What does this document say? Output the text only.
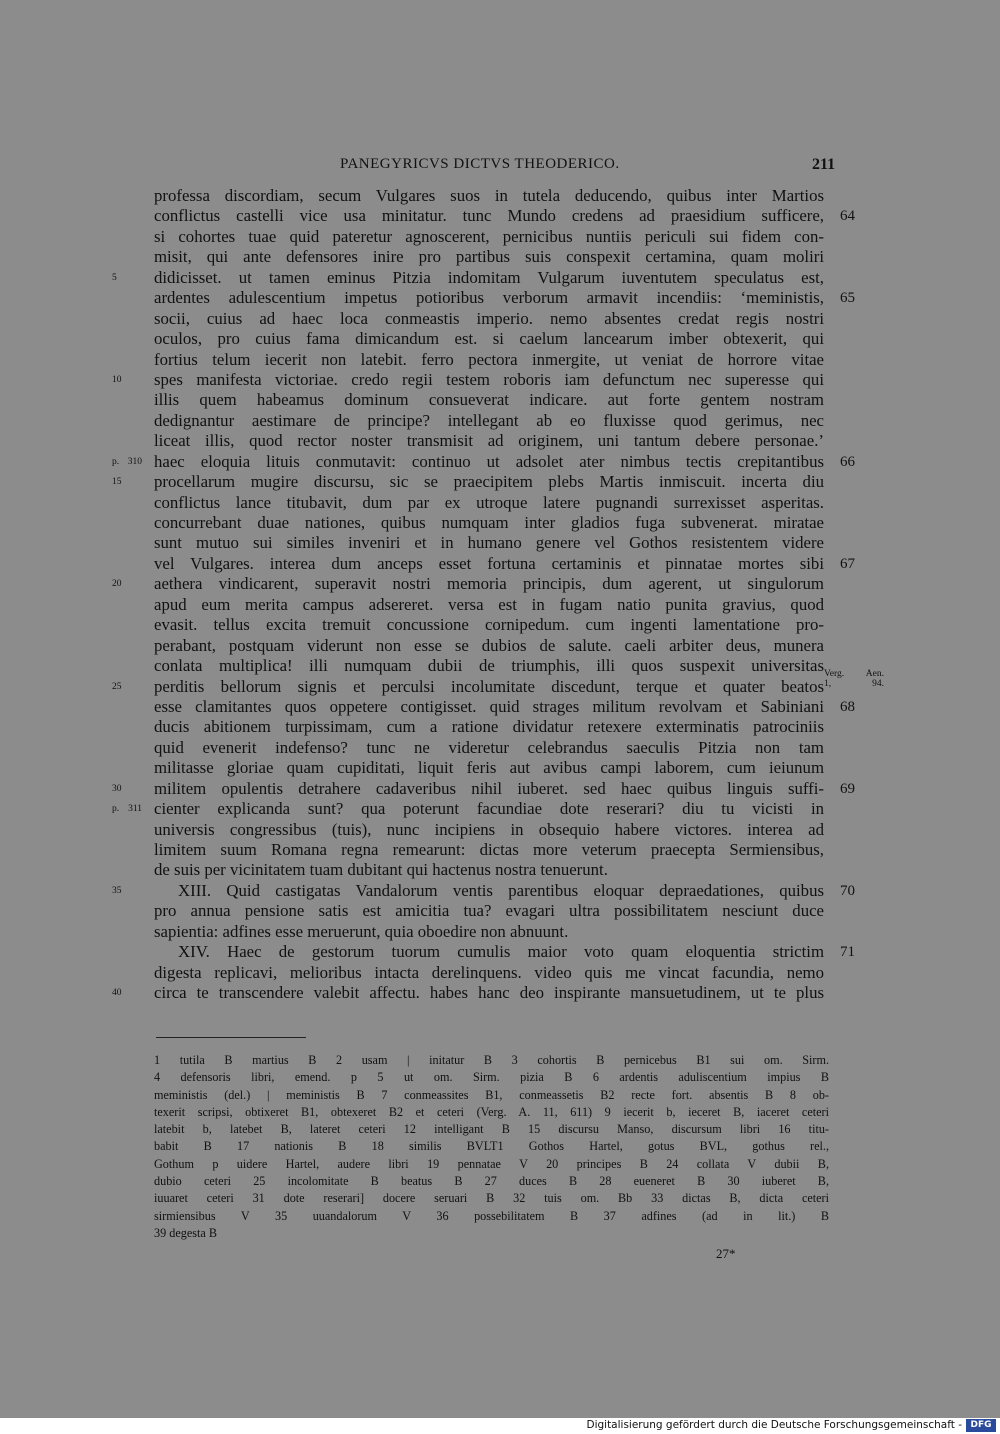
PANEGYRICVS DICTVS THEODERICO.	211
professa discordiam, secum Vulgares suos in tutela deducendo, quibus inter Martios
conflictus castelli vice usa minitatur. tunc Mundo credens ad praesidium sufficere, 64
si cohortes tuae quid pateretur agnoscerent, pernicibus nuntiis periculi sui fidem con-
misit, qui ante defensores inire pro partibus suis conspexit certamina, quam moliri
didicisset. ut tamen eminus Pitzia indomitam Vulgarum iuventutem speculatus est,
5
ardentes adulescentium impetus potioribus verborum armavit incendiis: ‘meministis, 65
socii, cuius ad haec loca conmeastis imperio. nemo absentes credat regis nostri
oculos, pro cuius fama dimicandum est. si caelum lancearum imber obtexerit, qui
fortius telum iecerit non latebit. ferro pectora inmergite, ut veniat de horrore vitae
spes manifesta victoriae. credo regii testem roboris iam defunctum nec superesse qui
10
illis quem habeamus dominum consueverat indicare. aut forte gentem nostram
dedignantur aestimare de principe? intellegant ab eo fluxisse quod gerimus, nec
liceat illis, quod rector noster transmisit ad originem, uni tantum debere personae.’
haec eloquia lituis conmutavit: continuo ut adsolet ater nimbus tectis crepitantibus
p. 310	66
procellarum mugire discursu, sic se praecipitem plebs Martis inmiscuit. incerta diu
15
conflictus lance titubavit, dum par ex utroque latere pugnandi surrexisset asperitas.
concurrebant duae nationes, quibus numquam inter gladios fuga subvenerat. miratae
sunt mutuo sui similes inveniri et in humano genere vel Gothos resistentem videre
vel Vulgares. interea dum anceps esset fortuna certaminis et pinnatae mortes sibi 67
aethera vindicarent, superavit nostri memoria principis, dum agerent, ut singulorum
20
apud eum merita campus adsereret. versa est in fugam natio punita gravius, quod
evasit. tellus excita tremuit concussione cornipedum. cum ingenti lamentatione pro-
perabant, postquam viderunt non esse se dubios de salute. caeli arbiter deus, munera
conlata multiplica! illi numquam dubii de triumphis, illi quos suspexit universitas
perditis bellorum signis et perculsi incolumitate discedunt, terque et quater beatos
25
Verg. Aen.
1, 94.
esse clamitantes quos oppetere contigisset. quid strages militum revolvam et Sabiniani 68
ducis abitionem turpissimam, cum a ratione dividatur retexere exterminatis patrociniis
quid evenerit indefenso? tunc ne videretur celebrandus saeculis Pitzia non tam
militasse gloriae quam cupiditati, liquit feris aut avibus campi laborem, cum ieiunum
militem opulentis detrahere cadaveribus nihil iuberet. sed haec quibus linguis suffi-
30	69
cienter explicanda sunt? qua poterunt facundiae dote reserari? diu tu vicisti in
p. 311
universis congressibus (tuis), nunc incipiens in obsequio habere victores. interea ad
limitem suum Romana regna remearunt: dictas more veterum praecepta Sermiensibus,
de suis per vicinitatem tuam dubitant qui hactenus nostra tenuerunt.
XIII. Quid castigatas Vandalorum ventis parentibus eloquar depraedationes, quibus
35	70
pro annua pensione satis est amicitia tua? evagari ultra possibilitatem nesciunt duce
sapientia: adfines esse meruerunt, quia oboedire non abnuunt.
XIV. Haec de gestorum tuorum cumulis maior voto quam eloquentia strictim 71
digesta replicavi, melioribus intacta derelinquens. video quis me vincat facundia, nemo
circa te transcendere valebit affectu. habes hanc deo inspirante mansuetudinem, ut te plus
40
1 tutila B martius B 2 usam | initatur B 3 cohortis B pernicebus B1 sui om. Sirm.
4 defensoris libri, emend. p 5 ut om. Sirm. pizia B 6 ardentis aduliscentium impius B
meministis (del.) | meministis B 7 conmeassites B1, conmeassetis B2 recte fort. absentis B 8 ob-
texerit scripsi, obtixeret B1, obtexeret B2 et ceteri (Verg. A. 11, 611) 9 iecerit b, ieceret B, iaceret ceteri
latebit b, latebet B, lateret ceteri 12 intelligant B 15 discursu Manso, discursum libri 16 titu-
babit B 17 nationis B 18 similis BVLT1 Gothos Hartel, gotus BVL, gothus rel.,
Gothum p uidere Hartel, audere libri 19 pennatae V 20 principes B 24 collata V dubii B,
dubio ceteri 25 incolomitate B beatus B 27 duces B 28 eueneret B 30 iuberet B,
iuuaret ceteri 31 dote reserari] docere seruari B 32 tuis om. Bb 33 dictas B, dicta ceteri
sirmiensibus V 35 uuandalorum V 36 possebilitatem B 37 adfines (ad in lit.) B
39 degesta B
27*
Digitalisierung gefördert durch die Deutsche Forschungsgemeinschaft - DFG
